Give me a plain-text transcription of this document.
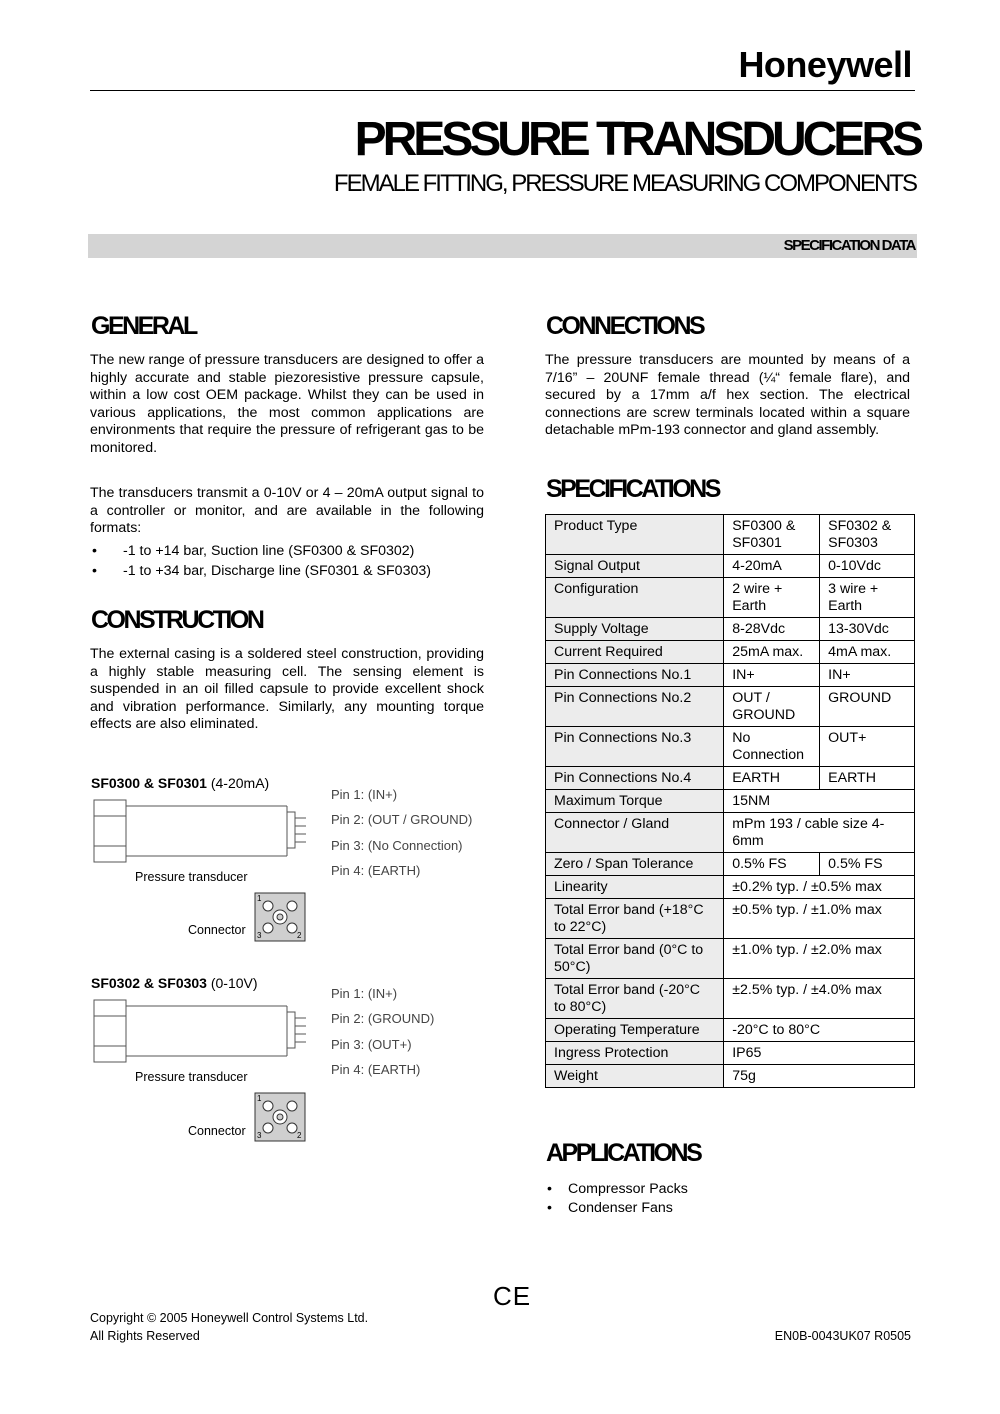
Honeywell
PRESSURE TRANSDUCERS
FEMALE FITTING, PRESSURE MEASURING COMPONENTS
SPECIFICATION DATA
GENERAL
The new range of pressure transducers are designed to offer a highly accurate and stable piezoresistive pressure capsule, within a low cost OEM package. Whilst they can be used in various applications, the most common applications are environments that require the pressure of refrigerant gas to be monitored.
The transducers transmit a 0-10V or 4 – 20mA output signal to a controller or monitor, and are available in the following formats:
• -1 to +14 bar, Suction line (SF0300 & SF0302)
• -1 to +34 bar, Discharge line (SF0301 & SF0303)
CONSTRUCTION
The external casing is a soldered steel construction, providing a highly stable measuring cell. The sensing element is suspended in an oil filled capsule to provide excellent shock and vibration performance. Similarly, any mounting torque effects are also eliminated.
SF0300 & SF0301 (4-20mA)
Pressure transducer
Connector
1
2
3
Pin 1: (IN+)
Pin 2: (OUT / GROUND)
Pin 3: (No Connection)
Pin 4: (EARTH)
SF0302 & SF0303 (0-10V)
Pressure transducer
Connector
1
2
3
Pin 1: (IN+)
Pin 2: (GROUND)
Pin 3: (OUT+)
Pin 4: (EARTH)
CONNECTIONS
The pressure transducers are mounted by means of a 7/16” – 20UNF female thread (¼“ female flare), and secured by a 17mm a/f hex section. The electrical connections are screw terminals located within a square detachable mPm-193 connector and gland assembly.
SPECIFICATIONS
Product Type	SF0300 & SF0301	SF0302 & SF0303
Signal Output	4-20mA	0-10Vdc
Configuration	2 wire + Earth	3 wire + Earth
Supply Voltage	8-28Vdc	13-30Vdc
Current Required	25mA max.	4mA max.
Pin Connections No.1	IN+	IN+
Pin Connections No.2	OUT / GROUND	GROUND
Pin Connections No.3	No Connection	OUT+
Pin Connections No.4	EARTH	EARTH
Maximum Torque	15NM	
Connector / Gland	mPm 193 / cable size 4-6mm	
Zero / Span Tolerance	0.5% FS	0.5% FS
Linearity	±0.2% typ. / ±0.5% max	
Total Error band (+18°C to 22°C)	±0.5% typ. / ±1.0% max	
Total Error band (0°C to 50°C)	±1.0% typ. / ±2.0% max	
Total Error band (-20°C to 80°C)	±2.5% typ. / ±4.0% max	
Operating Temperature	-20°C to 80°C	
Ingress Protection	IP65	
Weight	75g	
APPLICATIONS
• Compressor Packs
• Condenser Fans
CE
Copyright © 2005 Honeywell Control Systems Ltd.
All Rights Reserved	EN0B-0043UK07 R0505
